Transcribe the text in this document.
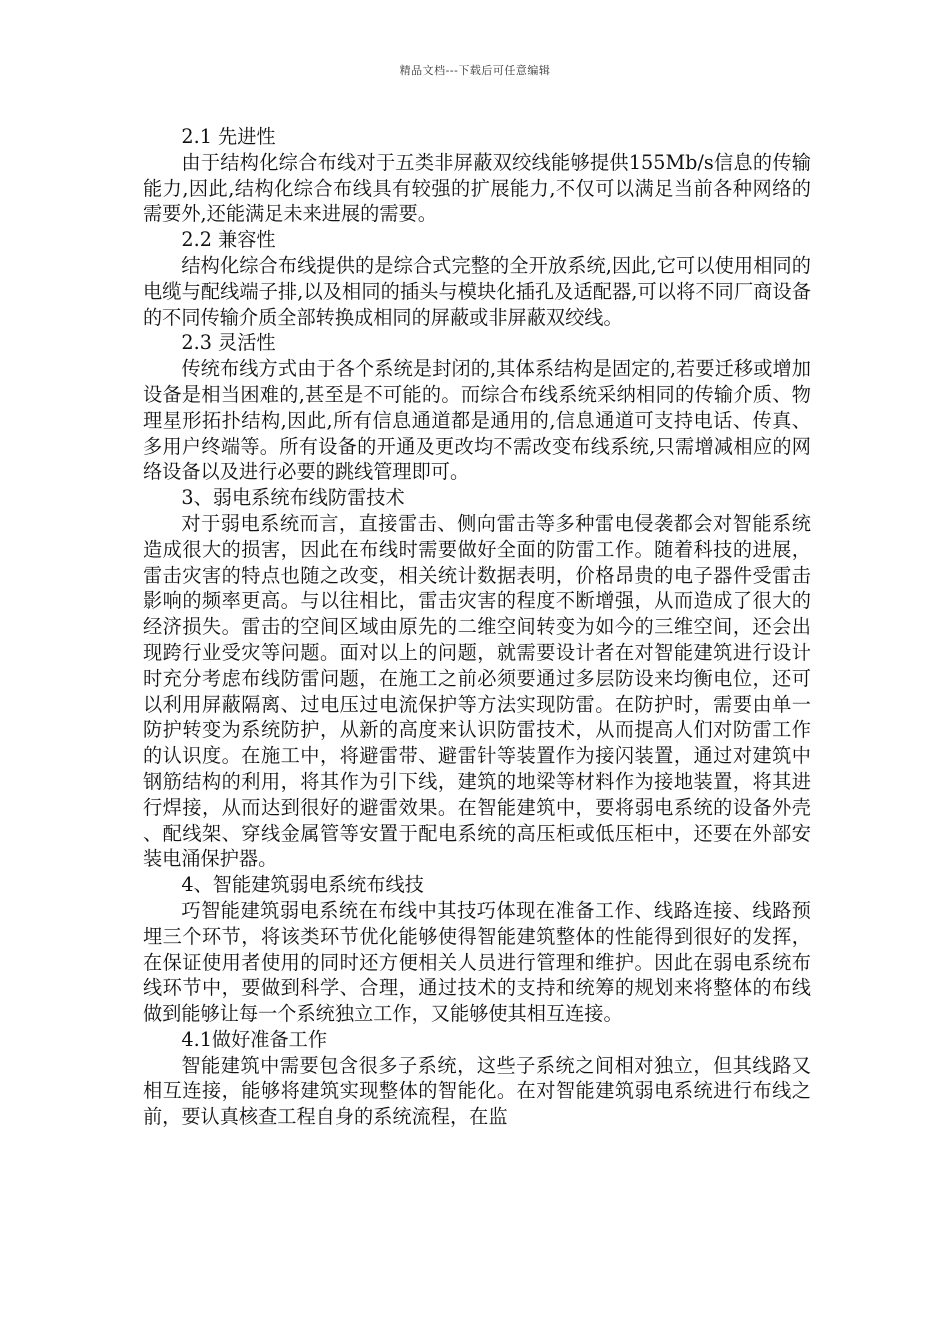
精品文档---下载后可任意编辑

2.1 先进性

由于结构化综合布线对于五类非屏蔽双绞线能够提供155Mb/s信息的传输能力,因此,结构化综合布线具有较强的扩展能力,不仅可以满足当前各种网络的需要外,还能满足未来进展的需要。

2.2 兼容性

结构化综合布线提供的是综合式完整的全开放系统,因此,它可以使用相同的电缆与配线端子排,以及相同的插头与模块化插孔及适配器,可以将不同厂商设备的不同传输介质全部转换成相同的屏蔽或非屏蔽双绞线。

2.3 灵活性

传统布线方式由于各个系统是封闭的,其体系结构是固定的,若要迁移或增加设备是相当困难的,甚至是不可能的。而综合布线系统采纳相同的传输介质、物理星形拓扑结构,因此,所有信息通道都是通用的,信息通道可支持电话、传真、多用户终端等。所有设备的开通及更改均不需改变布线系统,只需增减相应的网络设备以及进行必要的跳线管理即可。

3、弱电系统布线防雷技术

对于弱电系统而言，直接雷击、侧向雷击等多种雷电侵袭都会对智能系统造成很大的损害，因此在布线时需要做好全面的防雷工作。随着科技的进展，雷击灾害的特点也随之改变，相关统计数据表明，价格昂贵的电子器件受雷击影响的频率更高。与以往相比，雷击灾害的程度不断增强，从而造成了很大的经济损失。雷击的空间区域由原先的二维空间转变为如今的三维空间，还会出现跨行业受灾等问题。面对以上的问题，就需要设计者在对智能建筑进行设计时充分考虑布线防雷问题，在施工之前必须要通过多层防设来均衡电位，还可以利用屏蔽隔离、过电压过电流保护等方法实现防雷。在防护时，需要由单一防护转变为系统防护，从新的高度来认识防雷技术，从而提高人们对防雷工作的认识度。在施工中，将避雷带、避雷针等装置作为接闪装置，通过对建筑中钢筋结构的利用，将其作为引下线，建筑的地梁等材料作为接地装置，将其进行焊接，从而达到很好的避雷效果。在智能建筑中，要将弱电系统的设备外壳、配线架、穿线金属管等安置于配电系统的高压柜或低压柜中，还要在外部安装电涌保护器。

4、智能建筑弱电系统布线技

巧智能建筑弱电系统在布线中其技巧体现在准备工作、线路连接、线路预埋三个环节，将该类环节优化能够使得智能建筑整体的性能得到很好的发挥，在保证使用者使用的同时还方便相关人员进行管理和维护。因此在弱电系统布线环节中，要做到科学、合理，通过技术的支持和统筹的规划来将整体的布线做到能够让每一个系统独立工作，又能够使其相互连接。

4.1做好准备工作

智能建筑中需要包含很多子系统，这些子系统之间相对独立，但其线路又相互连接，能够将建筑实现整体的智能化。在对智能建筑弱电系统进行布线之前，要认真核查工程自身的系统流程，在监
